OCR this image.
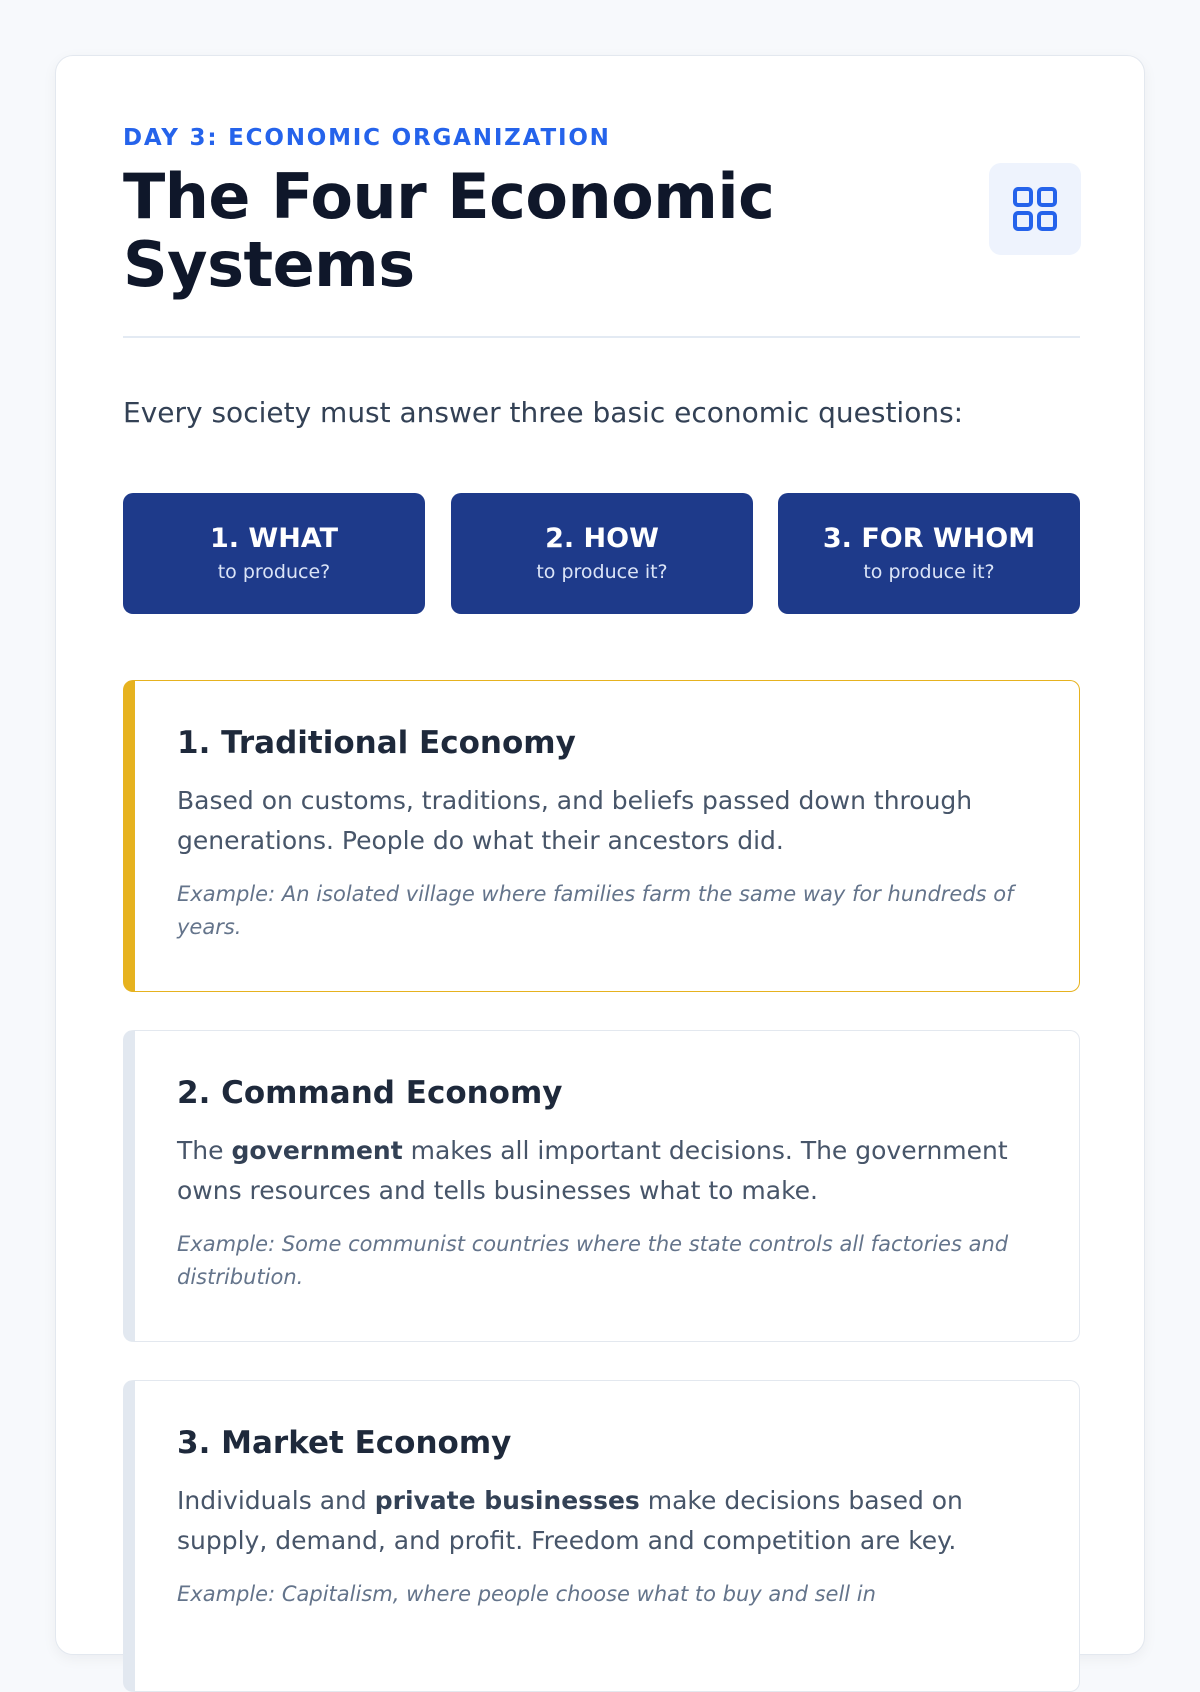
DAY 3: ECONOMIC ORGANIZATION
The Four Economic Systems

Every society must answer three basic economic questions:

1. WHAT
to produce?
2. HOW
to produce it?
3. FOR WHOM
to produce it?
1. Traditional Economy

Based on customs, traditions, and beliefs passed down through generations. People do what their ancestors did.

Example: An isolated village where families farm the same way for hundreds of years.

2. Command Economy

The government makes all important decisions. The government owns resources and tells businesses what to make.

Example: Some communist countries where the state controls all factories and distribution.

3. Market Economy

Individuals and private businesses make decisions based on supply, demand, and profit. Freedom and competition are key.

Example: Capitalism, where people choose what to buy and sell in
